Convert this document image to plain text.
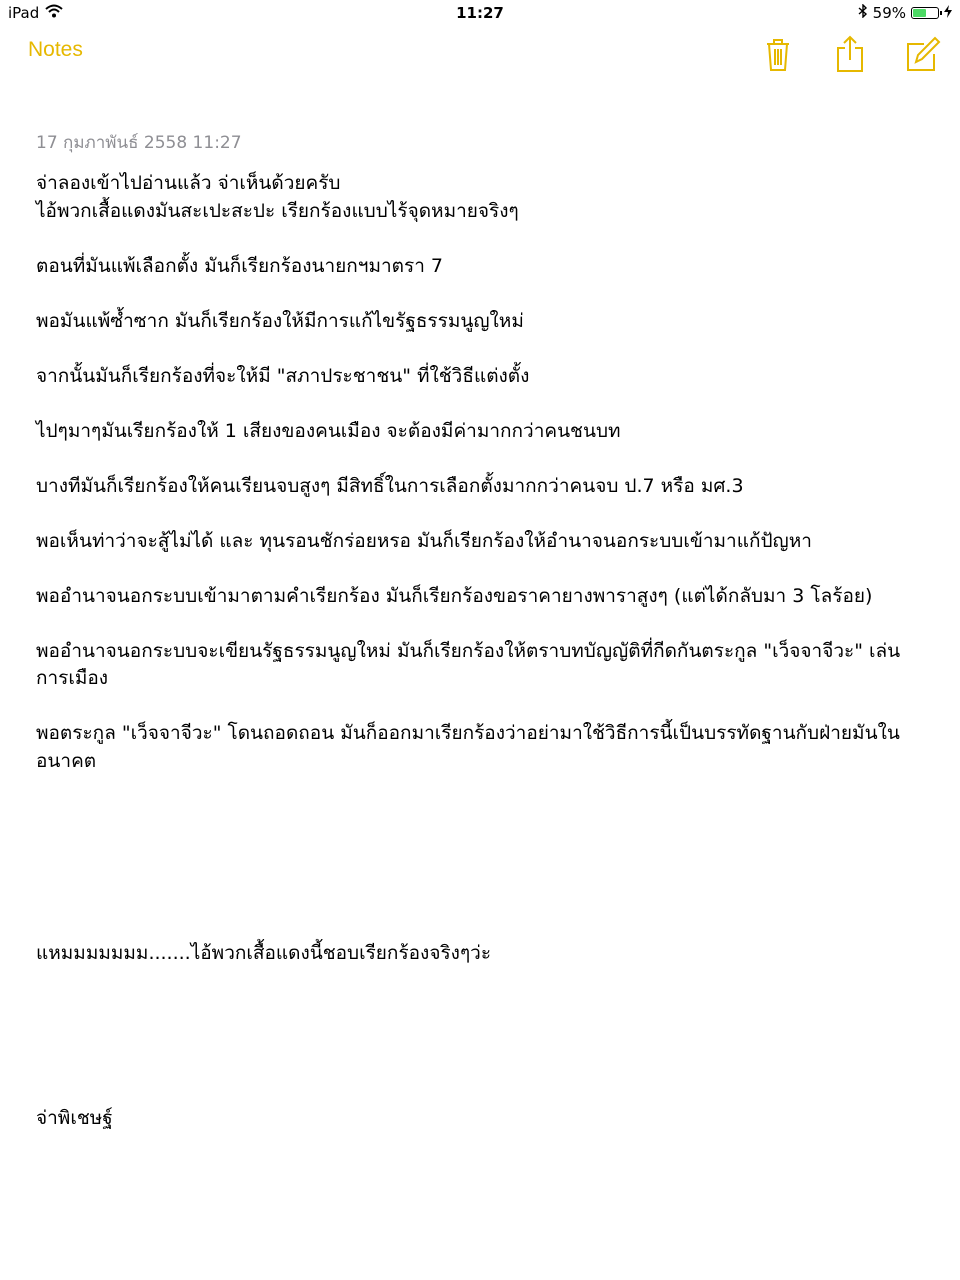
iPad	11:27	59%
Notes
17 กุมภาพันธ์ 2558 11:27
จ่าลองเข้าไปอ่านแล้ว จ่าเห็นด้วยครับ
ไอ้พวกเสื้อแดงมันสะเปะสะปะ เรียกร้องแบบไร้จุดหมายจริงๆ

ตอนที่มันแพ้เลือกตั้ง มันก็เรียกร้องนายกฯมาตรา 7

พอมันแพ้ซ้ำซาก มันก็เรียกร้องให้มีการแก้ไขรัฐธรรมนูญใหม่

จากนั้นมันก็เรียกร้องที่จะให้มี "สภาประชาชน" ที่ใช้วิธีแต่งตั้ง

ไปๆมาๆมันเรียกร้องให้ 1 เสียงของคนเมือง จะต้องมีค่ามากกว่าคนชนบท

บางทีมันก็เรียกร้องให้คนเรียนจบสูงๆ มีสิทธิ์ในการเลือกตั้งมากกว่าคนจบ ป.7 หรือ มศ.3

พอเห็นท่าว่าจะสู้ไม่ได้ และ ทุนรอนชักร่อยหรอ มันก็เรียกร้องให้อำนาจนอกระบบเข้ามาแก้ปัญหา

พออำนาจนอกระบบเข้ามาตามคำเรียกร้อง มันก็เรียกร้องขอราคายางพาราสูงๆ (แต่ได้กลับมา 3 โลร้อย)

พออำนาจนอกระบบจะเขียนรัฐธรรมนูญใหม่ มันก็เรียกร้องให้ตราบทบัญญัติที่กีดกันตระกูล "เว็จจาจีวะ" เล่นการเมือง

พอตระกูล "เว็จจาจีวะ" โดนถอดถอน มันก็ออกมาเรียกร้องว่าอย่ามาใช้วิธีการนี้เป็นบรรทัดฐานกับฝ่ายมันในอนาคต

แหมมมมมมม.......ไอ้พวกเสื้อแดงนี้ชอบเรียกร้องจริงๆว่ะ

จ่าพิเชษฐ์
